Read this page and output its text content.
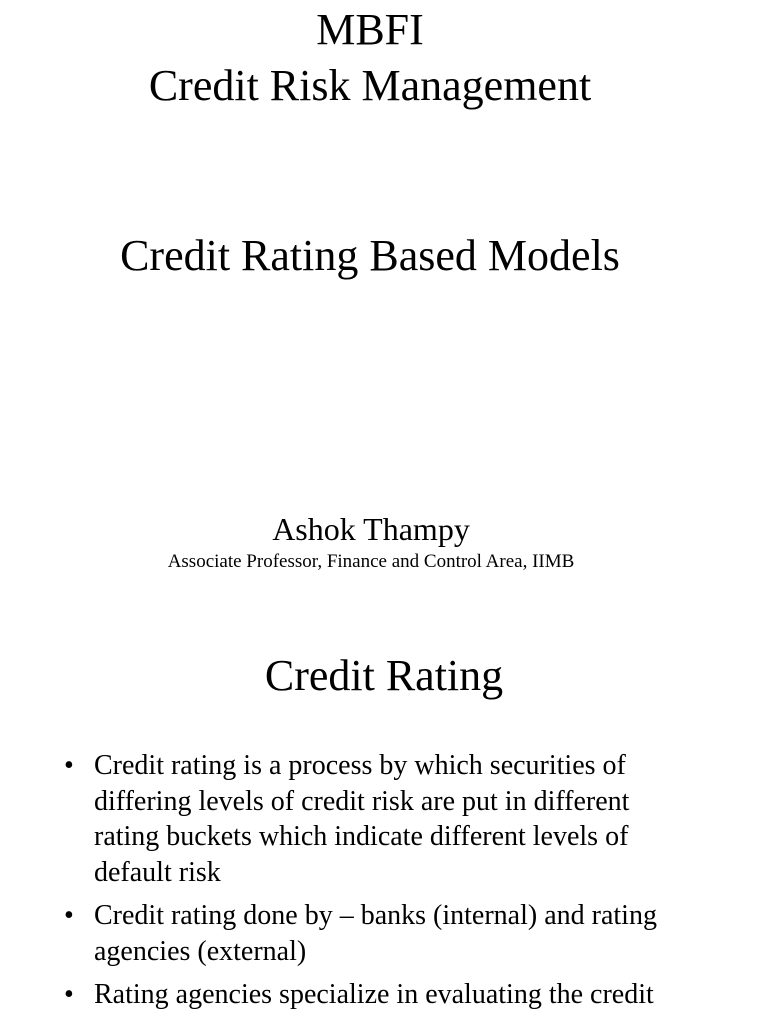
MBFI
Credit Risk Management
Credit Rating Based Models
Ashok Thampy
Associate Professor, Finance and Control Area, IIMB
Credit Rating
• Credit rating is a process by which securities of
differing levels of credit risk are put in different
rating buckets which indicate different levels of
default risk
• Credit rating done by – banks (internal) and rating
agencies (external)
• Rating agencies specialize in evaluating the credit
